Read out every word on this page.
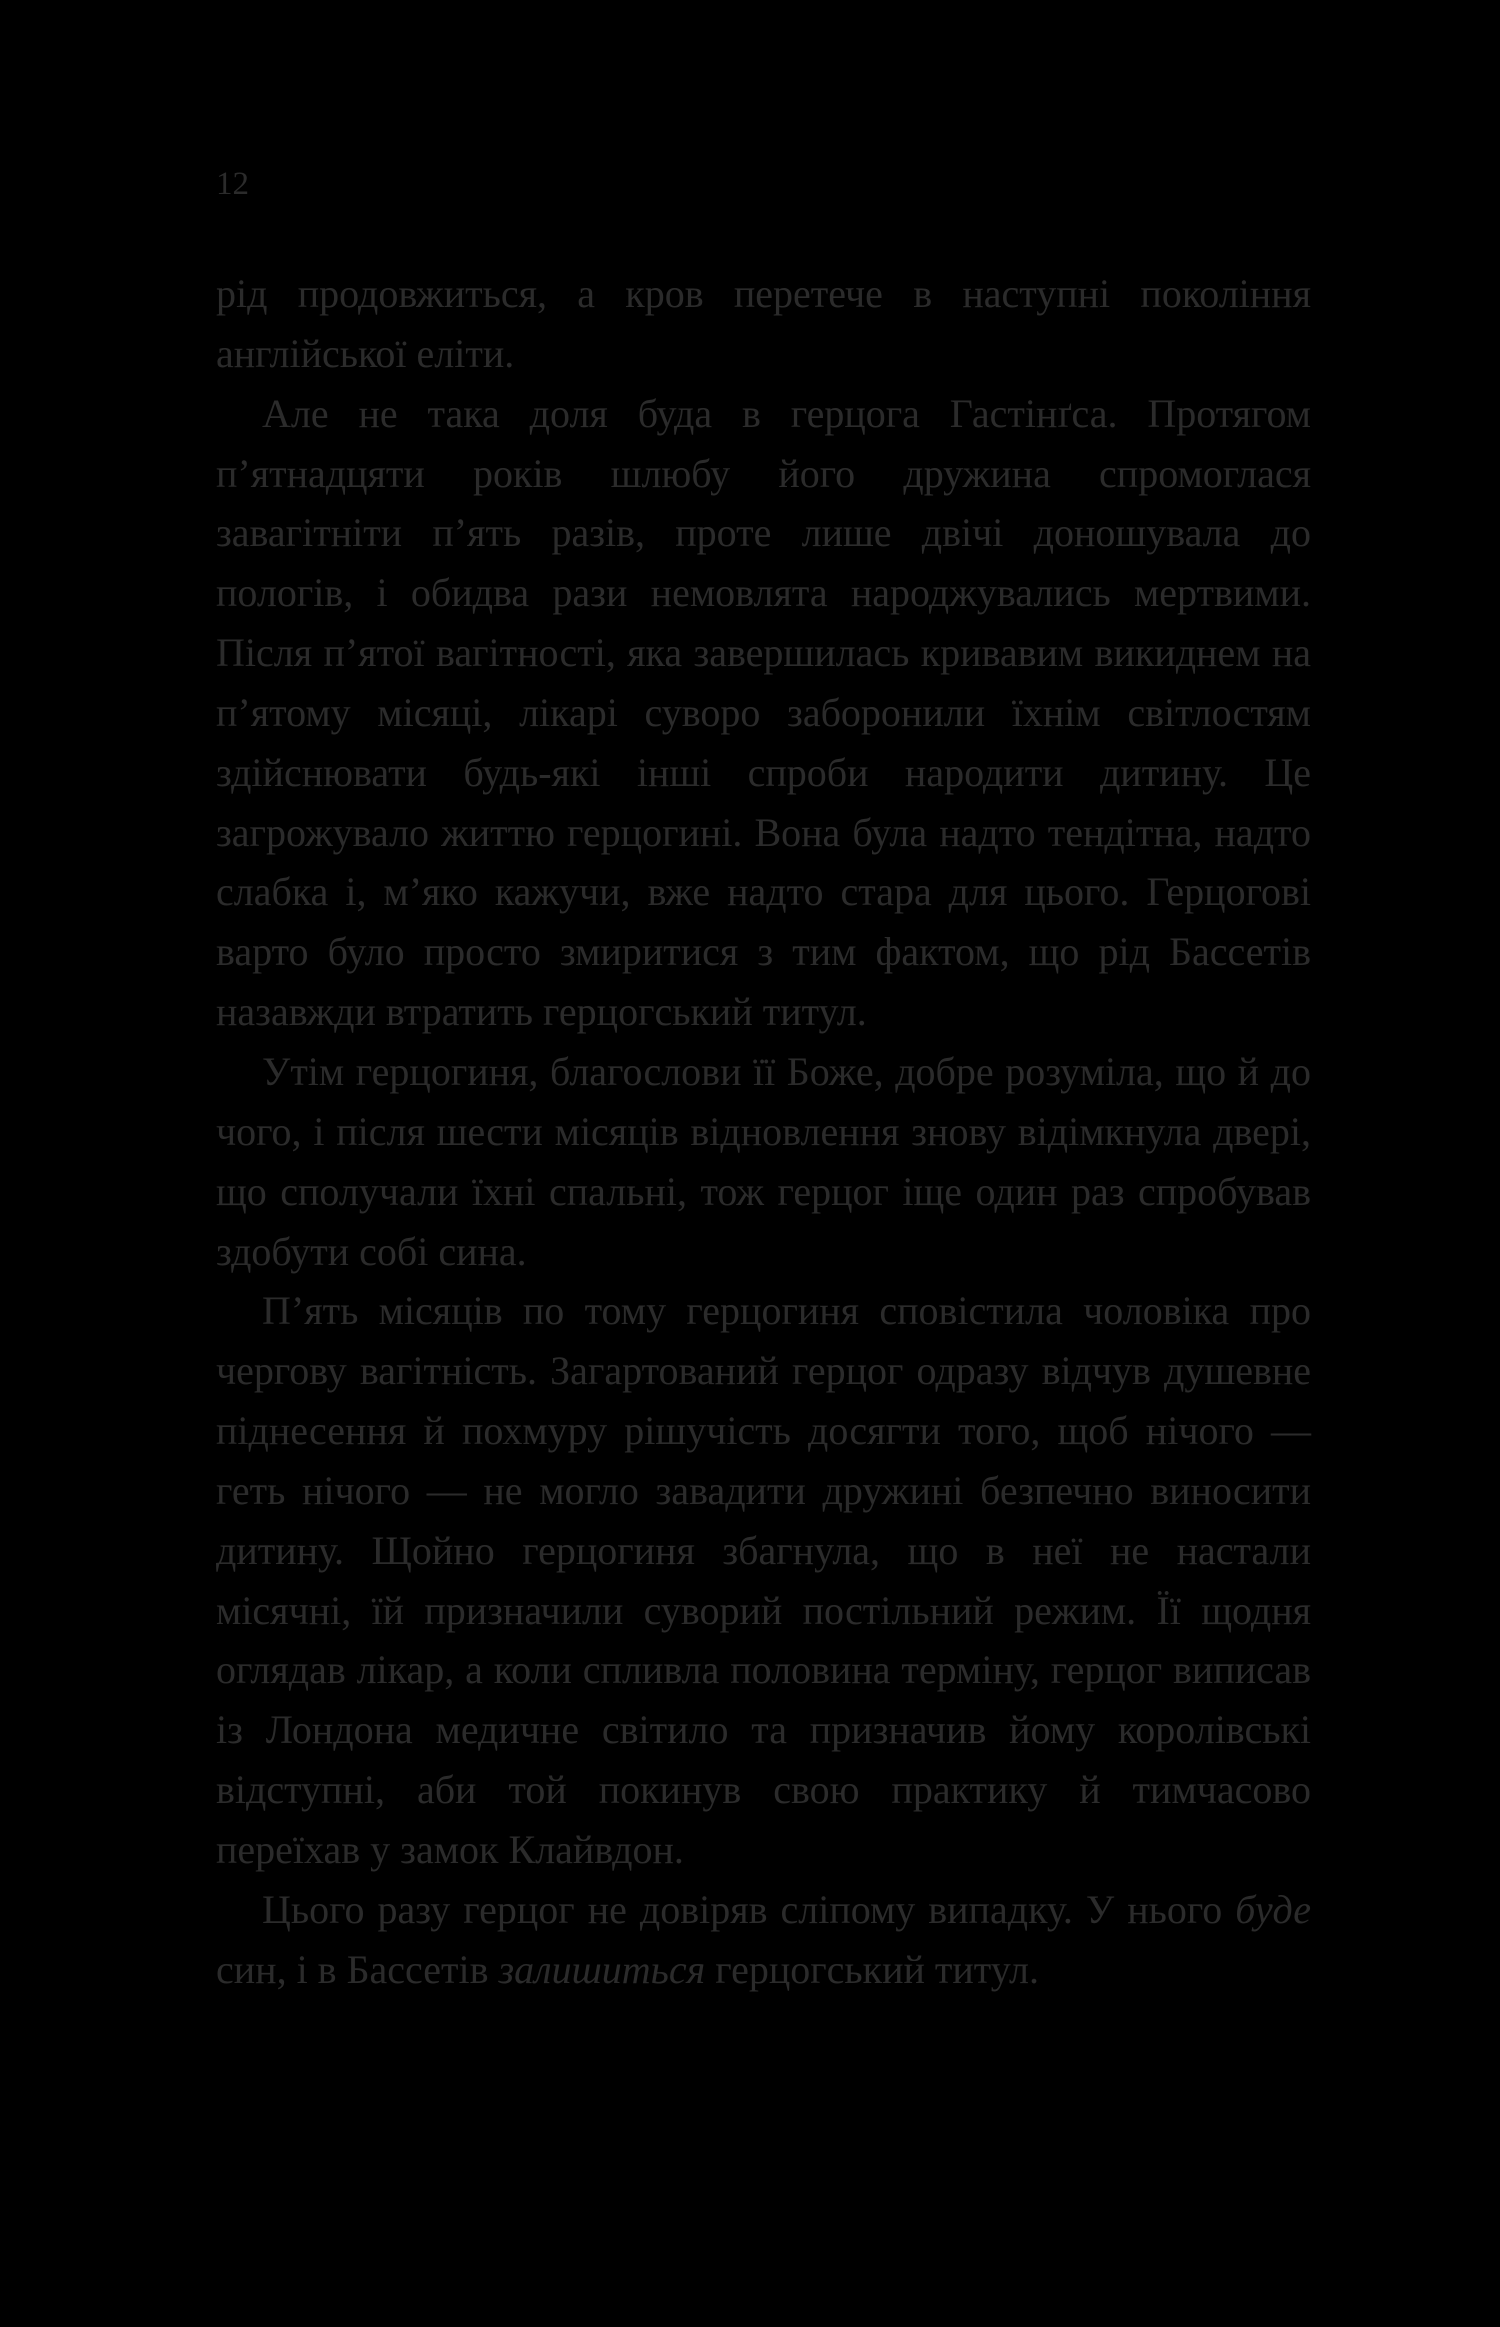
12

рід продовжиться, а кров перетече в наступні покоління англійської еліти.

Але не така доля буда в герцога Гастінґса. Протягом п’ятнадцяти років шлюбу його дружина спромоглася завагітніти п’ять разів, проте лише двічі доношувала до пологів, і обидва рази немовлята народжувались мертвими. Після п’ятої вагітності, яка завершилась кривавим викиднем на п’ятому місяці, лікарі суворо заборонили їхнім світлостям здійснювати будь-які інші спроби народити дитину. Це загрожувало життю герцогині. Вона була надто тендітна, надто слабка і, м’яко кажучи, вже надто стара для цього. Герцогові варто було просто змиритися з тим фактом, що рід Бассетів назавжди втратить герцогський титул.

Утім герцогиня, благослови її Боже, добре розуміла, що й до чого, і після шести місяців відновлення знову відімкнула двері, що сполучали їхні спальні, тож герцог іще один раз спробував здобути собі сина.

П’ять місяців по тому герцогиня сповістила чоловіка про чергову вагітність. Загартований герцог одразу відчув душевне піднесення й похмуру рішучість досягти того, щоб нічого — геть нічого — не могло завадити дружині безпечно виносити дитину. Щойно герцогиня збагнула, що в неї не настали місячні, їй призначили суворий постільний режим. Її щодня оглядав лікар, а коли спливла половина терміну, герцог виписав із Лондона медичне світило та призначив йому королівські відступні, аби той покинув свою практику й тимчасово переїхав у замок Клайвдон.

Цього разу герцог не довіряв сліпому випадку. У нього буде син, і в Бассетів залишиться герцогський титул.
